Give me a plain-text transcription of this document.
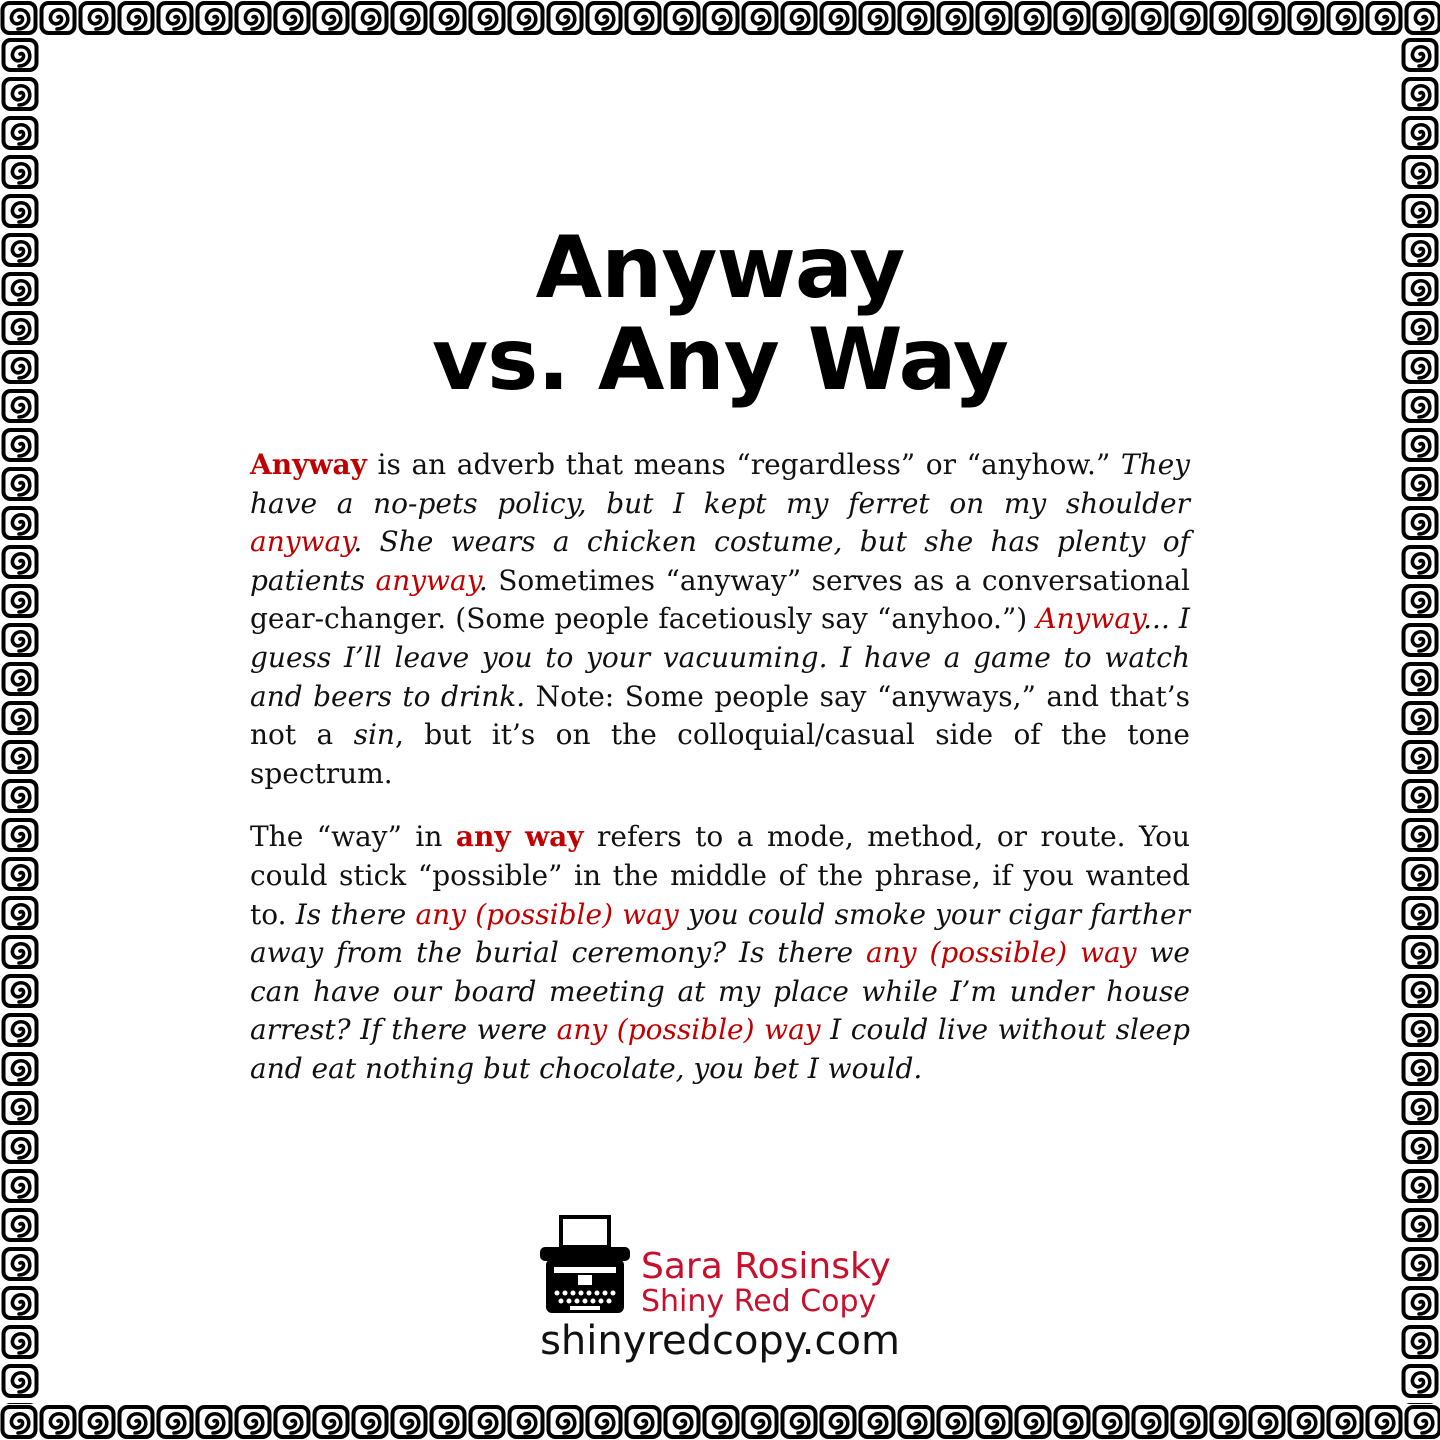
Anyway
vs. Any Way

Anyway is an adverb that means “regardless” or “anyhow.” They have a no-pets policy, but I kept my ferret on my shoulder anyway. She wears a chicken costume, but she has plenty of patients anyway. Sometimes “anyway” serves as a conversational gear-changer. (Some people facetiously say “anyhoo.”) Anyway... I guess I’ll leave you to your vacuuming. I have a game to watch and beers to drink. Note: Some people say “anyways,” and that’s not a sin, but it’s on the colloquial/casual side of the tone spectrum.

The “way” in any way refers to a mode, method, or route. You could stick “possible” in the middle of the phrase, if you wanted to. Is there any (possible) way you could smoke your cigar farther away from the burial ceremony? Is there any (possible) way we can have our board meeting at my place while I’m under house arrest? If there were any (possible) way I could live without sleep and eat nothing but chocolate, you bet I would.

Sara Rosinsky

Shiny Red Copy

shinyredcopy.com
